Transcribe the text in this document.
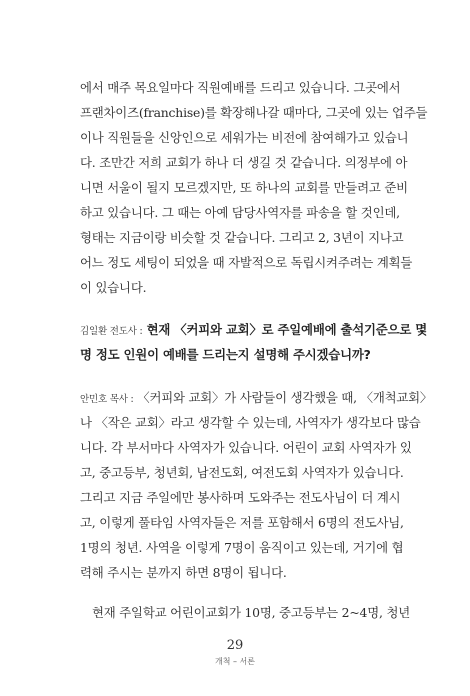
에서 매주 목요일마다 직원예배를 드리고 있습니다. 그곳에서
프랜차이즈(franchise)를 확장해나갈 때마다, 그곳에 있는 업주들
이나 직원들을 신앙인으로 세워가는 비전에 참여해가고 있습니
다. 조만간 저희 교회가 하나 더 생길 것 같습니다. 의정부에 아
니면 서울이 될지 모르겠지만, 또 하나의 교회를 만들려고 준비
하고 있습니다. 그 때는 아예 담당사역자를 파송을 할 것인데,
형태는 지금이랑 비슷할 것 같습니다. 그리고 2, 3년이 지나고
어느 정도 세팅이 되었을 때 자발적으로 독립시켜주려는 계획들
이 있습니다.
김일환 전도사 : 현재 〈커피와 교회〉로 주일예배에 출석기준으로 몇
명 정도 인원이 예배를 드리는지 설명해 주시겠습니까?
안민호 목사 : 〈커피와 교회〉가 사람들이 생각했을 때, 〈개척교회〉
나 〈작은 교회〉라고 생각할 수 있는데, 사역자가 생각보다 많습
니다. 각 부서마다 사역자가 있습니다. 어린이 교회 사역자가 있
고, 중고등부, 청년회, 남전도회, 여전도회 사역자가 있습니다.
그리고 지금 주일에만 봉사하며 도와주는 전도사님이 더 계시
고, 이렇게 풀타임 사역자들은 저를 포함해서 6명의 전도사님,
1명의 청년. 사역을 이렇게 7명이 움직이고 있는데, 거기에 협
력해 주시는 분까지 하면 8명이 됩니다.
현재 주일학교 어린이교회가 10명, 중고등부는 2~4명, 청년
29
개척 – 서론
